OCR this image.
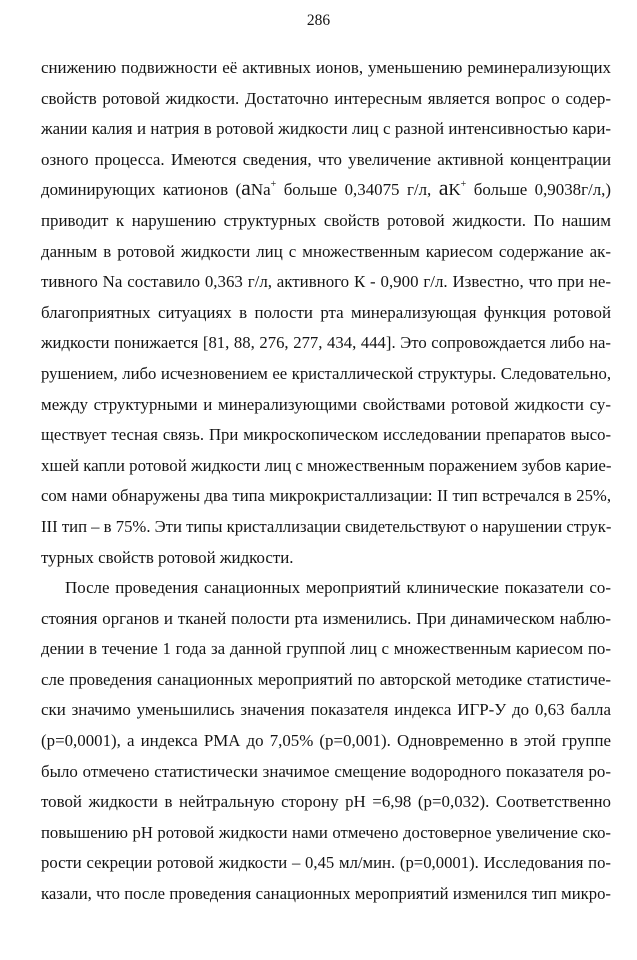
286
снижению подвижности её активных ионов, уменьшению реминерализующих
свойств ротовой жидкости. Достаточно интересным является вопрос о содер-
жании калия и натрия в ротовой жидкости лиц с разной интенсивностью кари-
озного процесса. Имеются сведения, что увеличение активной концентрации
доминирующих катионов (aNa+ больше 0,34075 г/л, aK+ больше 0,9038г/л,)
приводит к нарушению структурных свойств ротовой жидкости. По нашим
данным в ротовой жидкости лиц с множественным кариесом содержание ак-
тивного Na составило 0,363 г/л, активного К - 0,900 г/л. Известно, что при не-
благоприятных ситуациях в полости рта минерализующая функция ротовой
жидкости понижается [81, 88, 276, 277, 434, 444]. Это сопровождается либо на-
рушением, либо исчезновением ее кристаллической структуры. Следовательно,
между структурными и минерализующими свойствами ротовой жидкости су-
ществует тесная связь. При микроскопическом исследовании препаратов высо-
хшей капли ротовой жидкости лиц с множественным поражением зубов карие-
сом нами обнаружены два типа микрокристаллизации: II тип встречался в 25%,
III тип – в 75%. Эти типы кристаллизации свидетельствуют о нарушении струк-
турных свойств ротовой жидкости.
После проведения санационных мероприятий клинические показатели со-
стояния органов и тканей полости рта изменились. При динамическом наблю-
дении в течение 1 года за данной группой лиц с множественным кариесом по-
сле проведения санационных мероприятий по авторской методике статистиче-
ски значимо уменьшились значения показателя индекса ИГР-У до 0,63 балла
(p=0,0001), а индекса РМА до 7,05% (p=0,001). Одновременно в этой группе
было отмечено статистически значимое смещение водородного показателя ро-
товой жидкости в нейтральную сторону рН =6,98 (p=0,032). Соответственно
повышению рН ротовой жидкости нами отмечено достоверное увеличение ско-
рости секреции ротовой жидкости – 0,45 мл/мин. (p=0,0001). Исследования по-
казали, что после проведения санационных мероприятий изменился тип микро-
